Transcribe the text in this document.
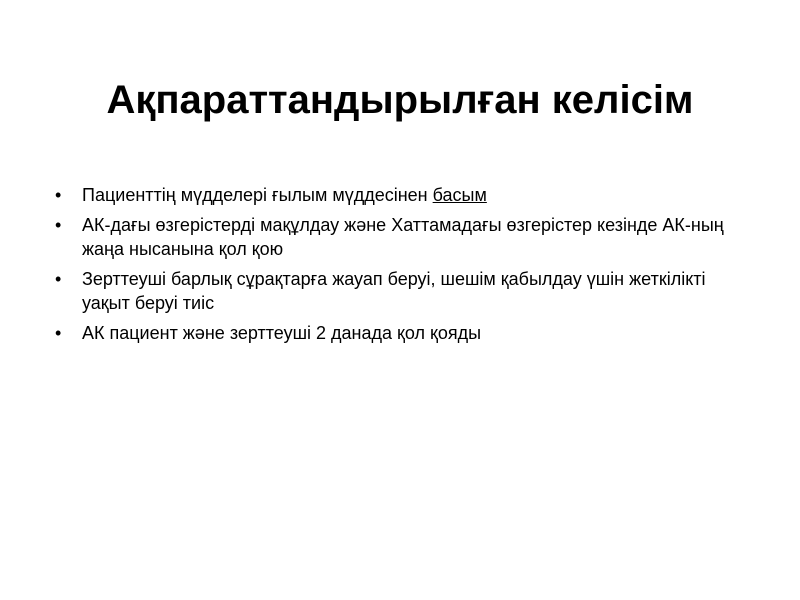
Ақпараттандырылған келісім
•	Пациенттің мүдделері ғылым мүддесінен басым
•	АК-дағы өзгерістерді мақұлдау және Хаттамадағы өзгерістер кезінде АК-ның жаңа нысанына қол қою
•	Зерттеуші барлық сұрақтарға жауап беруі, шешім қабылдау үшін жеткілікті уақыт беруі тиіс
•	АК пациент және зерттеуші 2 данада қол қояды
